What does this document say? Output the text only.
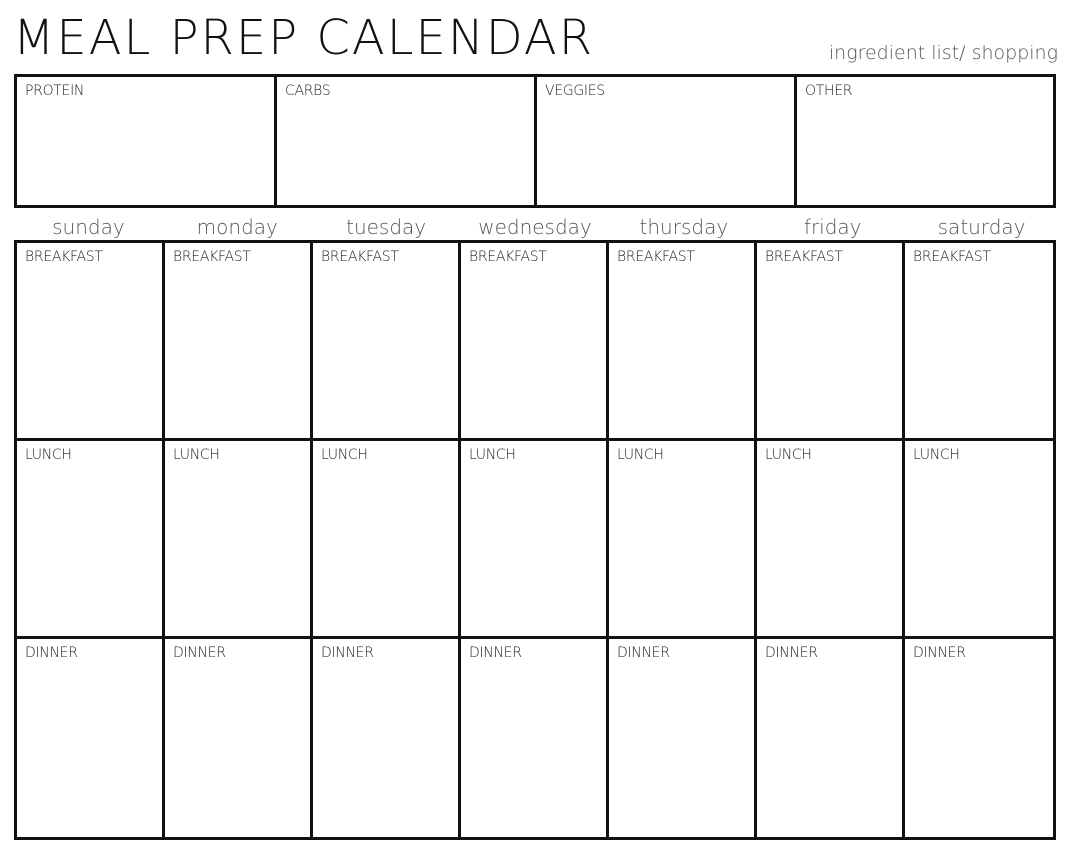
MEAL PREP CALENDAR	ingredient list/ shopping
PROTEIN	CARBS	VEGGIES	OTHER
sunday	monday	tuesday	wednesday	thursday	friday	saturday
BREAKFAST	BREAKFAST	BREAKFAST	BREAKFAST	BREAKFAST	BREAKFAST	BREAKFAST
LUNCH	LUNCH	LUNCH	LUNCH	LUNCH	LUNCH	LUNCH
DINNER	DINNER	DINNER	DINNER	DINNER	DINNER	DINNER
